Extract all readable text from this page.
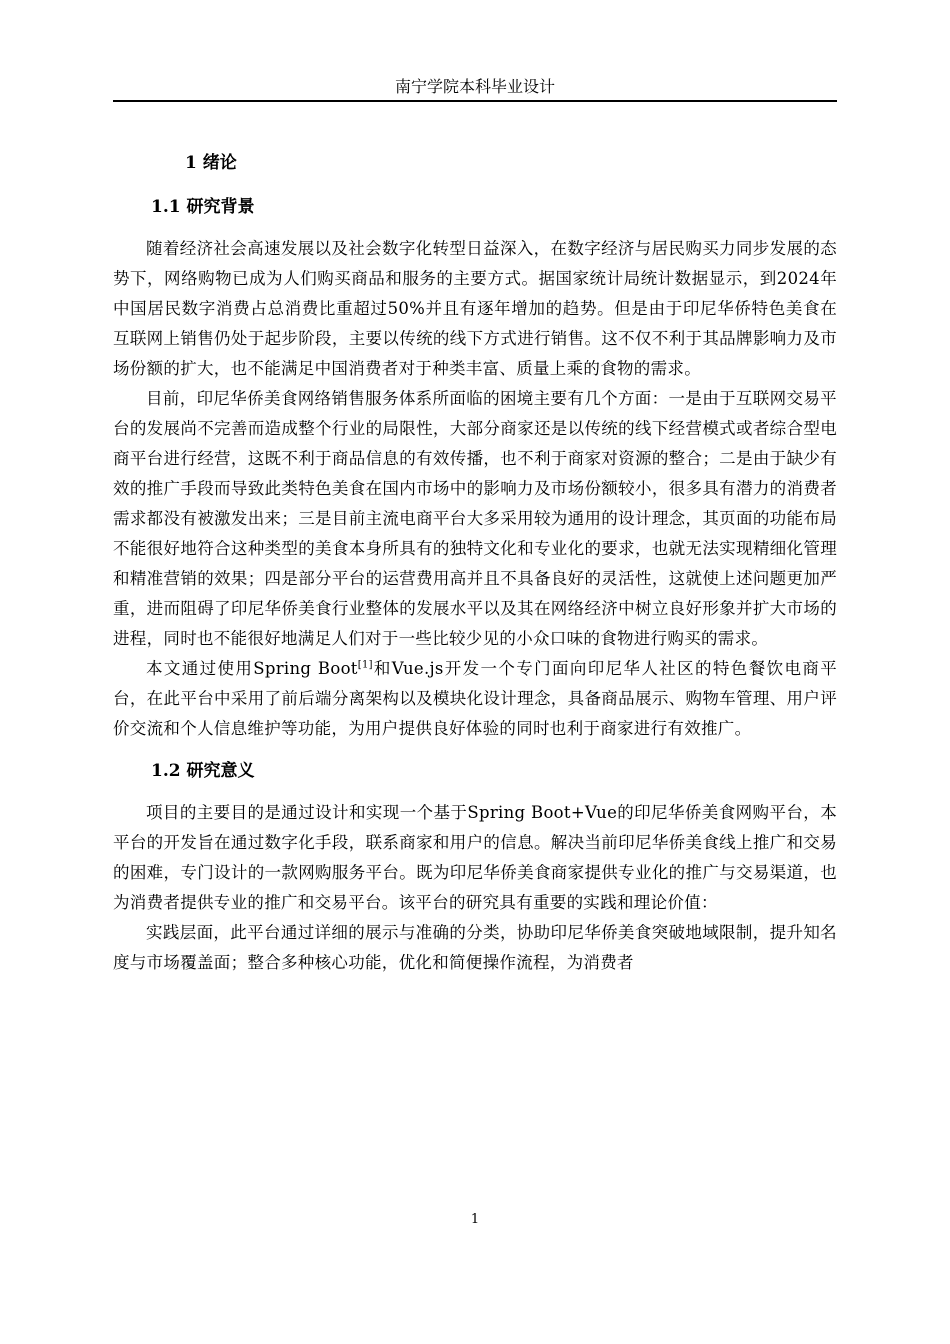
南宁学院本科毕业设计
1 绪论
1.1 研究背景

随着经济社会高速发展以及社会数字化转型日益深入，在数字经济与居民购买力同步发展的态势下，网络购物已成为人们购买商品和服务的主要方式。据国家统计局统计数据显示，到2024年中国居民数字消费占总消费比重超过50%并且有逐年增加的趋势。但是由于印尼华侨特色美食在互联网上销售仍处于起步阶段，主要以传统的线下方式进行销售。这不仅不利于其品牌影响力及市场份额的扩大，也不能满足中国消费者对于种类丰富、质量上乘的食物的需求。

目前，印尼华侨美食网络销售服务体系所面临的困境主要有几个方面：一是由于互联网交易平台的发展尚不完善而造成整个行业的局限性，大部分商家还是以传统的线下经营模式或者综合型电商平台进行经营，这既不利于商品信息的有效传播，也不利于商家对资源的整合；二是由于缺少有效的推广手段而导致此类特色美食在国内市场中的影响力及市场份额较小，很多具有潜力的消费者需求都没有被激发出来；三是目前主流电商平台大多采用较为通用的设计理念，其页面的功能布局不能很好地符合这种类型的美食本身所具有的独特文化和专业化的要求，也就无法实现精细化管理和精准营销的效果；四是部分平台的运营费用高并且不具备良好的灵活性，这就使上述问题更加严重，进而阻碍了印尼华侨美食行业整体的发展水平以及其在网络经济中树立良好形象并扩大市场的进程，同时也不能很好地满足人们对于一些比较少见的小众口味的食物进行购买的需求。

本文通过使用Spring Boot[1]和Vue.js开发一个专门面向印尼华人社区的特色餐饮电商平台，在此平台中采用了前后端分离架构以及模块化设计理念，具备商品展示、购物车管理、用户评价交流和个人信息维护等功能，为用户提供良好体验的同时也利于商家进行有效推广。

1.2 研究意义

项目的主要目的是通过设计和实现一个基于Spring Boot+Vue的印尼华侨美食网购平台，本平台的开发旨在通过数字化手段，联系商家和用户的信息。解决当前印尼华侨美食线上推广和交易的困难，专门设计的一款网购服务平台。既为印尼华侨美食商家提供专业化的推广与交易渠道，也为消费者提供专业的推广和交易平台。该平台的研究具有重要的实践和理论价值：

实践层面，此平台通过详细的展示与准确的分类，协助印尼华侨美食突破地域限制，提升知名度与市场覆盖面；整合多种核心功能，优化和简便操作流程，为消费者

1
